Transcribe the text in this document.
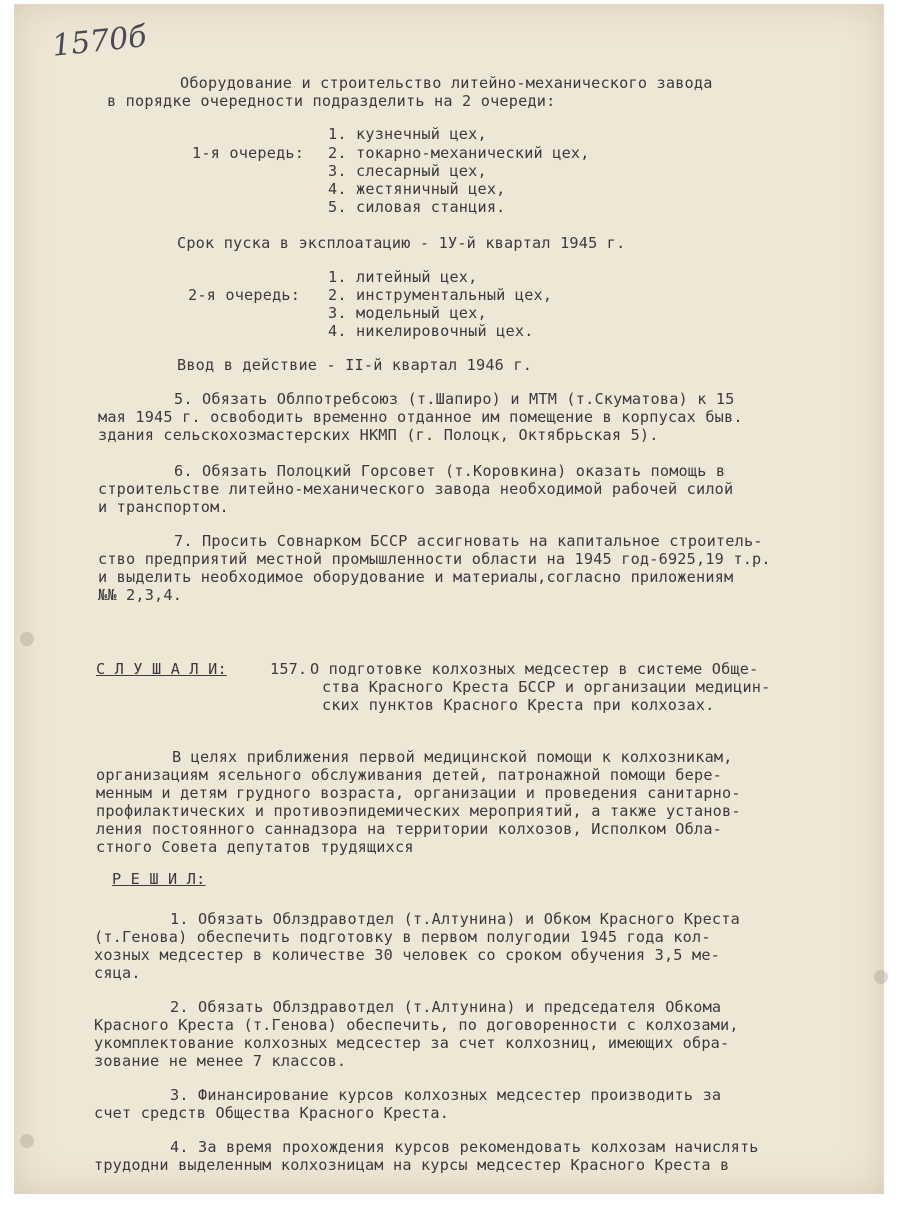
1570б
Оборудование и строительство литейно-механического завода
в порядке очередности подразделить на 2 очереди:
1-я очередь:
1. кузнечный цех,
2. токарно-механический цех,
3. слесарный цех,
4. жестяничный цех,
5. силовая станция.
Срок пуска в эксплоатацию - 1У-й квартал 1945 г.
2-я очередь:
1. литейный цех,
2. инструментальный цех,
3. модельный цех,
4. никелировочный цех.
Ввод в действие - II-й квартал 1946 г.
5. Обязать Облпотребсоюз (т.Шапиро) и МТМ (т.Скуматова) к 15
мая 1945 г. освободить временно отданное им помещение в корпусах быв.
здания сельскохозмастерских НКМП (г. Полоцк, Октябрьская 5).
6. Обязать Полоцкий Горсовет (т.Коровкина) оказать помощь в
строительстве литейно-механического завода необходимой рабочей силой
и транспортом.
7. Просить Совнарком БССР ассигновать на капитальное строитель-
ство предприятий местной промышленности области на 1945 год-6925,19 т.р.
и выделить необходимое оборудование и материалы,согласно приложениям
№№ 2,3,4.
С Л У Ш А Л И:	157. О подготовке колхозных медсестер в системе Обще-
ства Красного Креста БССР и организации медицин-
ских пунктов Красного Креста при колхозах.
В целях приближения первой медицинской помощи к колхозникам,
организациям ясельного обслуживания детей, патронажной помощи бере-
менным и детям грудного возраста, организации и проведения санитарно-
профилактических и противоэпидемических мероприятий, а также установ-
ления постоянного саннадзора на территории колхозов, Исполком Обла-
стного Совета депутатов трудящихся
Р Е Ш И Л:
1. Обязать Облздравотдел (т.Алтунина) и Обком Красного Креста
(т.Генова) обеспечить подготовку в первом полугодии 1945 года кол-
хозных медсестер в количестве 30 человек со сроком обучения 3,5 ме-
сяца.
2. Обязать Облздравотдел (т.Алтунина) и председателя Обкома
Красного Креста (т.Генова) обеспечить, по договоренности с колхозами,
укомплектование колхозных медсестер за счет колхозниц, имеющих обра-
зование не менее 7 классов.
3. Финансирование курсов колхозных медсестер производить за
счет средств Общества Красного Креста.
4. За время прохождения курсов рекомендовать колхозам начислять
трудодни выделенным колхозницам на курсы медсестер Красного Креста в
